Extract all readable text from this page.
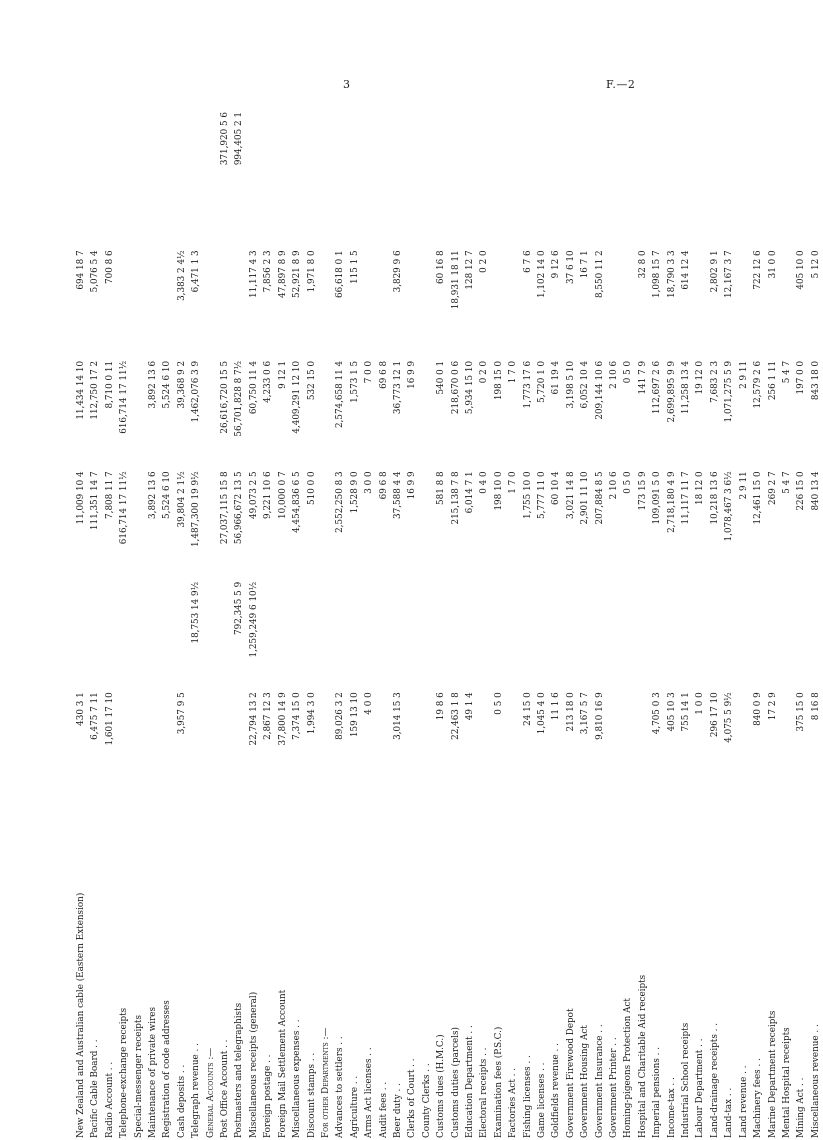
3	F.—2
New Zealand and Australian cable (Eastern Extension)	430 3 1		11,009 10 4	11,434 14 10	694 18 7	
Pacific Cable Board . .	6,475 7 11		111,351 14 7	112,750 17 2	5,076 5 4	
Radio Account . .	1,601 17 10		7,808 11 7	8,710 0 11	700 8 6	
Telephone-exchange receipts			616,714 17 11½	616,714 17 11½		
Special-messenger receipts						
Maintenance of private wires			3,892 13 6	3,892 13 6		
Registration of code addresses			5,524 6 10	5,524 6 10		
Cash deposits . .	3,957 9 5		39,804 2 1½	39,368 9 2	3,383 2 4½	
Telegraph revenue . .		18,753 14 9½	1,487,300 19 9½	1,462,076 3 9	6,471 1 3	
General Accounts :—						
Post Office Account . .			27,037,115 15 8	26,616,720 15 5		371,920 5 6
Postmasters and telegraphists		792,345 5 9	56,966,672 13 5	56,701,828 8 7½		994,405 2 1
Miscellaneous receipts (general)	22,794 13 2	1,259,249 6 10½	49,073 2 5	60,750 11 4	11,117 4 3	
Foreign postage . .	2,867 12 3		9,221 10 6	4,233 0 6	7,856 2 3	
Foreign Mail Settlement Account	37,800 14 9		10,000 0 7	9 12 1	47,897 8 9	
Miscellaneous expenses . .	7,374 15 0		4,454,836 6 5	4,409,291 12 10	52,921 8 9	
Discount stamps . .	1,994 3 0		510 0 0	532 15 0	1,971 8 0	
For other Departments :—						
Advances to settlers . .	89,026 3 2		2,552,250 8 3	2,574,658 11 4	66,618 0 1	
Agriculture . .	159 13 10		1,528 9 0	1,573 1 5	115 1 5	
Arms Act licenses . .	4 0 0		3 0 0	7 0 0		
Audit fees . .			69 6 8	69 6 8		
Beer duty . .	3,014 15 3		37,588 4 4	36,773 12 1	3,829 9 6	
Clerks of Court . .			16 9 9	16 9 9		
County Clerks . .						
Customs dues (H.M.C.)	19 8 6		581 8 8	540 0 1	60 16 8	
Customs duties (parcels)	22,463 1 8		215,138 7 8	218,670 0 6	18,931 18 11	
Education Department . .	49 1 4		6,014 7 1	5,934 15 10	128 12 7	
Electoral receipts . .			0 4 0	0 2 0	0 2 0	
Examination fees (P.S.C.)	0 5 0		198 10 0	198 15 0		
Factories Act . .			1 7 0	1 7 0		
Fishing licenses . .	24 15 0		1,755 10 0	1,773 17 6	6 7 6	
Game licenses . .	1,045 4 0		5,777 11 0	5,720 1 0	1,102 14 0	
Goldfields revenue . .	11 1 6		60 10 4	61 19 4	9 12 6	
Government Firewood Depot	213 18 0		3,021 14 8	3,198 5 10	37 6 10	
Government Housing Act	3,167 5 7		2,901 11 10	6,052 10 4	16 7 1	
Government Insurance . .	9,810 16 9		207,884 8 5	209,144 10 6	8,550 11 2	
Government Printer . .			2 10 6	2 10 6		
Homing-pigeons Protection Act			0 5 0	0 5 0		
Hospital and Charitable Aid receipts			173 15 9	141 7 9	32 8 0	
Imperial pensions . .	4,705 0 3		109,091 5 0	112,697 2 6	1,098 15 7	
Income-tax . .	405 10 3		2,718,180 4 9	2,699,895 9 9	18,790 3 3	
Industrial School receipts	755 14 1		11,117 11 7	11,258 13 4	614 12 4	
Labour Department . .	1 0 0		18 12 0	19 12 0		
Land-drainage receipts . .	296 17 10		10,218 13 6	7,683 2 3	2,802 9 1	
Land-tax . .	4,075 5 9½		1,078,467 3 6½	1,071,275 5 9	12,167 3 7	
Land revenue . .			2 9 11	2 9 11		
Machinery fees . .	840 0 9		12,461 15 0	12,579 2 6	722 12 6	
Marine Department receipts	17 2 9		269 2 7	256 1 11	31 0 0	
Mental Hospital receipts			5 4 7	5 4 7		
Mining Act . .	375 15 0		226 15 0	197 0 0	405 10 0	
Miscellaneous revenue . .	8 16 8		840 13 4	843 18 0	5 12 0	
